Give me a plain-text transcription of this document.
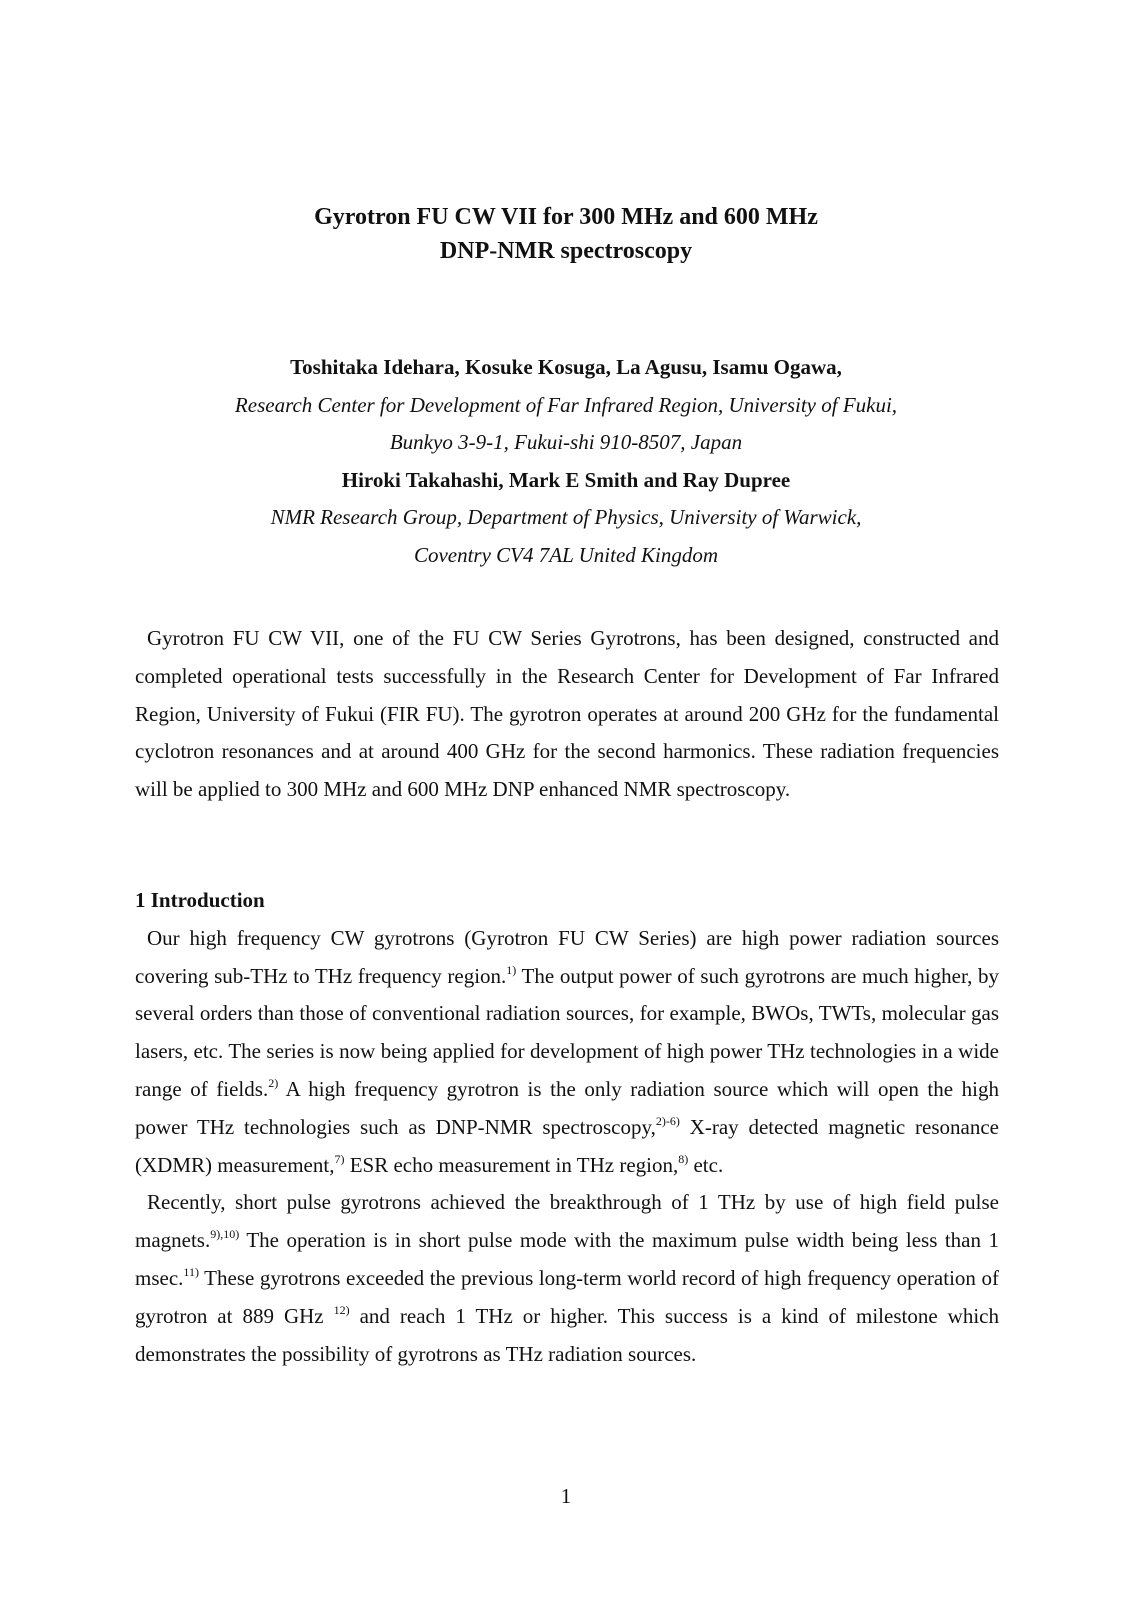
Gyrotron FU CW VII for 300 MHz and 600 MHz
DNP-NMR spectroscopy
Toshitaka Idehara, Kosuke Kosuga, La Agusu, Isamu Ogawa,
Research Center for Development of Far Infrared Region, University of Fukui,
Bunkyo 3-9-1, Fukui-shi 910-8507, Japan
Hiroki Takahashi, Mark E Smith and Ray Dupree
NMR Research Group, Department of Physics, University of Warwick,
Coventry CV4 7AL United Kingdom

Gyrotron FU CW VII, one of the FU CW Series Gyrotrons, has been designed, constructed and completed operational tests successfully in the Research Center for Development of Far Infrared Region, University of Fukui (FIR FU). The gyrotron operates at around 200 GHz for the fundamental cyclotron resonances and at around 400 GHz for the second harmonics. These radiation frequencies will be applied to 300 MHz and 600 MHz DNP enhanced NMR spectroscopy.

1 Introduction

Our high frequency CW gyrotrons (Gyrotron FU CW Series) are high power radiation sources covering sub-THz to THz frequency region.$^{1)}$ The output power of such gyrotrons are much higher, by several orders than those of conventional radiation sources, for example, BWOs, TWTs, molecular gas lasers, etc. The series is now being applied for development of high power THz technologies in a wide range of fields.$^{2)}$ A high frequency gyrotron is the only radiation source which will open the high power THz technologies such as DNP-NMR spectroscopy,$^{2)-6)}$ X-ray detected magnetic resonance (XDMR) measurement,$^{7)}$ ESR echo measurement in THz region,$^{8)}$ etc.

Recently, short pulse gyrotrons achieved the breakthrough of 1 THz by use of high field pulse magnets.$^{9),10)}$ The operation is in short pulse mode with the maximum pulse width being less than 1 msec.$^{11)}$ These gyrotrons exceeded the previous long-term world record of high frequency operation of gyrotron at 889 GHz $^{12)}$ and reach 1 THz or higher. This success is a kind of milestone which demonstrates the possibility of gyrotrons as THz radiation sources.

1
